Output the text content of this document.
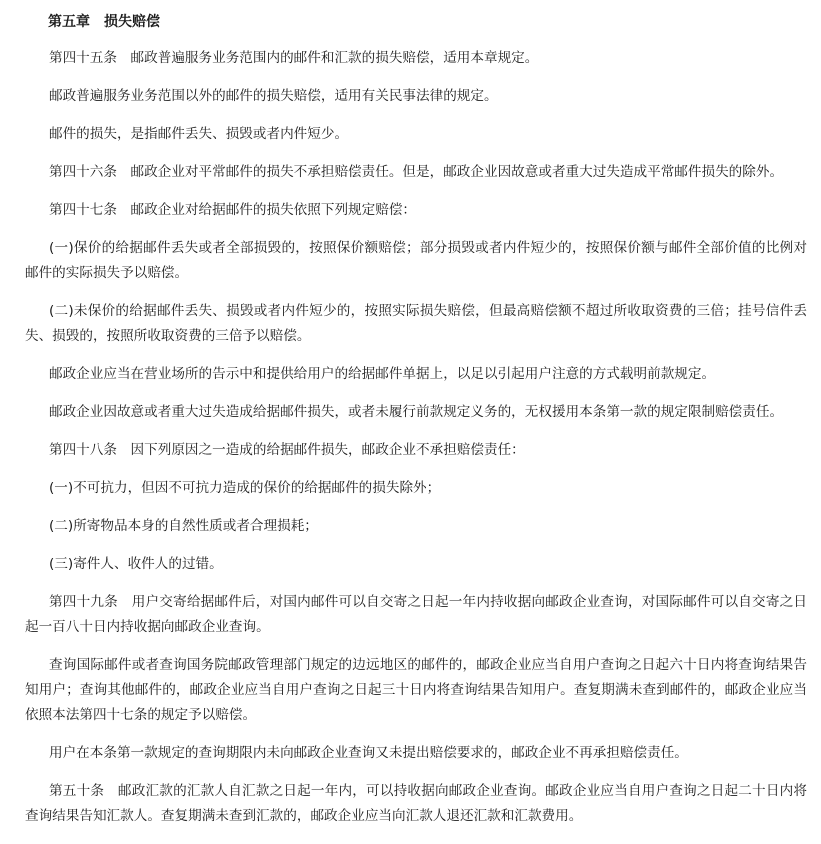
第五章　损失赔偿

第四十五条　邮政普遍服务业务范围内的邮件和汇款的损失赔偿，适用本章规定。

邮政普遍服务业务范围以外的邮件的损失赔偿，适用有关民事法律的规定。

邮件的损失，是指邮件丢失、损毁或者内件短少。

第四十六条　邮政企业对平常邮件的损失不承担赔偿责任。但是，邮政企业因故意或者重大过失造成平常邮件损失的除外。

第四十七条　邮政企业对给据邮件的损失依照下列规定赔偿：

(一)保价的给据邮件丢失或者全部损毁的，按照保价额赔偿；部分损毁或者内件短少的，按照保价额与邮件全部价值的比例对邮件的实际损失予以赔偿。

(二)未保价的给据邮件丢失、损毁或者内件短少的，按照实际损失赔偿，但最高赔偿额不超过所收取资费的三倍；挂号信件丢失、损毁的，按照所收取资费的三倍予以赔偿。

邮政企业应当在营业场所的告示中和提供给用户的给据邮件单据上，以足以引起用户注意的方式载明前款规定。

邮政企业因故意或者重大过失造成给据邮件损失，或者未履行前款规定义务的，无权援用本条第一款的规定限制赔偿责任。

第四十八条　因下列原因之一造成的给据邮件损失，邮政企业不承担赔偿责任：

(一)不可抗力，但因不可抗力造成的保价的给据邮件的损失除外；

(二)所寄物品本身的自然性质或者合理损耗；

(三)寄件人、收件人的过错。

第四十九条　用户交寄给据邮件后，对国内邮件可以自交寄之日起一年内持收据向邮政企业查询，对国际邮件可以自交寄之日起一百八十日内持收据向邮政企业查询。

查询国际邮件或者查询国务院邮政管理部门规定的边远地区的邮件的，邮政企业应当自用户查询之日起六十日内将查询结果告知用户；查询其他邮件的，邮政企业应当自用户查询之日起三十日内将查询结果告知用户。查复期满未查到邮件的，邮政企业应当依照本法第四十七条的规定予以赔偿。

用户在本条第一款规定的查询期限内未向邮政企业查询又未提出赔偿要求的，邮政企业不再承担赔偿责任。

第五十条　邮政汇款的汇款人自汇款之日起一年内，可以持收据向邮政企业查询。邮政企业应当自用户查询之日起二十日内将查询结果告知汇款人。查复期满未查到汇款的，邮政企业应当向汇款人退还汇款和汇款费用。
